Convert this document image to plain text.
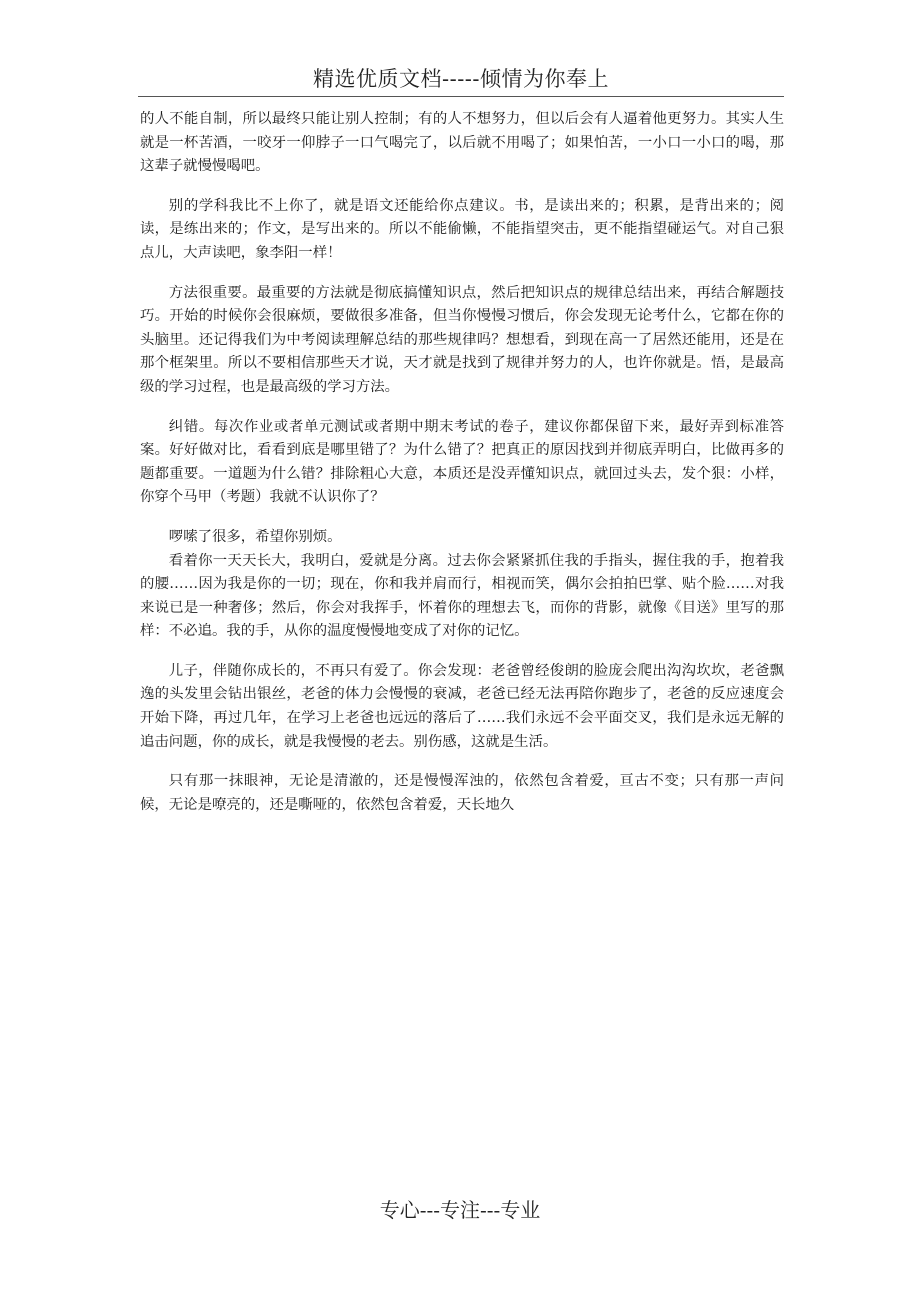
精选优质文档-----倾情为你奉上

的人不能自制，所以最终只能让别人控制；有的人不想努力，但以后会有人逼着他更努力。其实人生就是一杯苦酒，一咬牙一仰脖子一口气喝完了，以后就不用喝了；如果怕苦，一小口一小口的喝，那这辈子就慢慢喝吧。

别的学科我比不上你了，就是语文还能给你点建议。书，是读出来的；积累，是背出来的；阅读，是练出来的；作文，是写出来的。所以不能偷懒，不能指望突击，更不能指望碰运气。对自己狠点儿，大声读吧，象李阳一样！

方法很重要。最重要的方法就是彻底搞懂知识点，然后把知识点的规律总结出来，再结合解题技巧。开始的时候你会很麻烦，要做很多准备，但当你慢慢习惯后，你会发现无论考什么，它都在你的头脑里。还记得我们为中考阅读理解总结的那些规律吗？想想看，到现在高一了居然还能用，还是在那个框架里。所以不要相信那些天才说，天才就是找到了规律并努力的人，也许你就是。悟，是最高级的学习过程，也是最高级的学习方法。

纠错。每次作业或者单元测试或者期中期末考试的卷子，建议你都保留下来，最好弄到标准答案。好好做对比，看看到底是哪里错了？为什么错了？把真正的原因找到并彻底弄明白，比做再多的题都重要。一道题为什么错？排除粗心大意，本质还是没弄懂知识点，就回过头去，发个狠：小样，你穿个马甲（考题）我就不认识你了？

啰嗦了很多，希望你别烦。

看着你一天天长大，我明白，爱就是分离。过去你会紧紧抓住我的手指头，握住我的手，抱着我的腰……因为我是你的一切；现在，你和我并肩而行，相视而笑，偶尔会拍拍巴掌、贴个脸……对我来说已是一种奢侈；然后，你会对我挥手，怀着你的理想去飞，而你的背影，就像《目送》里写的那样：不必追。我的手，从你的温度慢慢地变成了对你的记忆。

儿子，伴随你成长的，不再只有爱了。你会发现：老爸曾经俊朗的脸庞会爬出沟沟坎坎，老爸飘逸的头发里会钻出银丝，老爸的体力会慢慢的衰减，老爸已经无法再陪你跑步了，老爸的反应速度会开始下降，再过几年，在学习上老爸也远远的落后了……我们永远不会平面交叉，我们是永远无解的追击问题，你的成长，就是我慢慢的老去。别伤感，这就是生活。

只有那一抹眼神，无论是清澈的，还是慢慢浑浊的，依然包含着爱，亘古不变；只有那一声问候，无论是嘹亮的，还是嘶哑的，依然包含着爱，天长地久

专心---专注---专业
